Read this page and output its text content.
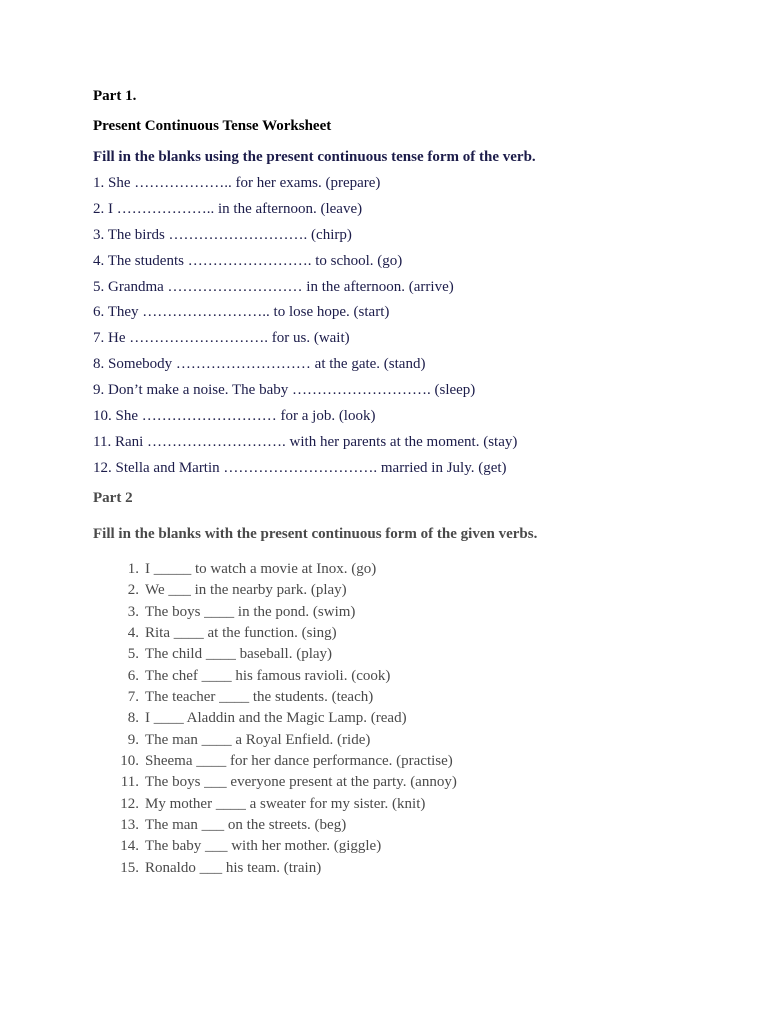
Part 1.
Present Continuous Tense Worksheet
Fill in the blanks using the present continuous tense form of the verb.
1. She ……………….. for her exams. (prepare)
2. I ……………….. in the afternoon. (leave)
3. The birds ………………………. (chirp)
4. The students ……………………. to school. (go)
5. Grandma ……………………… in the afternoon. (arrive)
6. They …………………….. to lose hope. (start)
7. He ………………………. for us. (wait)
8. Somebody ……………………… at the gate. (stand)
9. Don’t make a noise. The baby ………………………. (sleep)
10. She ……………………… for a job. (look)
11. Rani ………………………. with her parents at the moment. (stay)
12. Stella and Martin …………………………. married in July. (get)
Part 2
Fill in the blanks with the present continuous form of the given verbs.
1. I _____ to watch a movie at Inox. (go)
2. We ___ in the nearby park. (play)
3. The boys ____ in the pond. (swim)
4. Rita ____ at the function. (sing)
5. The child ____ baseball. (play)
6. The chef ____ his famous ravioli. (cook)
7. The teacher ____ the students. (teach)
8. I ____ Aladdin and the Magic Lamp. (read)
9. The man ____ a Royal Enfield. (ride)
10. Sheema ____ for her dance performance. (practise)
11. The boys ___ everyone present at the party. (annoy)
12. My mother ____ a sweater for my sister. (knit)
13. The man ___ on the streets. (beg)
14. The baby ___ with her mother. (giggle)
15. Ronaldo ___ his team. (train)
